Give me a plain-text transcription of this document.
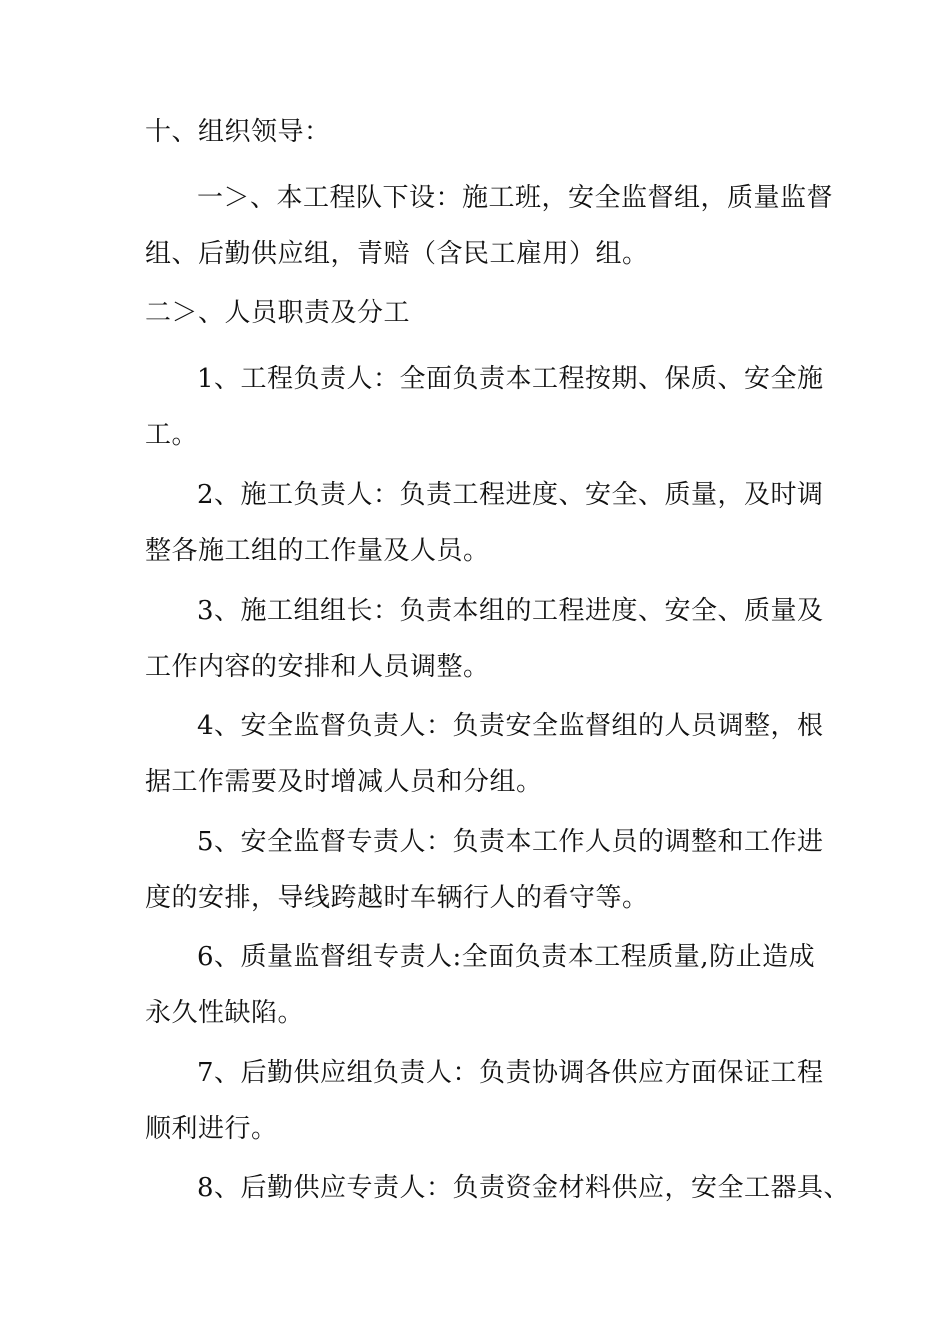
十、组织领导：

一＞、本工程队下设：施工班，安全监督组，质量监督
组、后勤供应组，青赔（含民工雇用）组。

二＞、人员职责及分工

1、工程负责人：全面负责本工程按期、保质、安全施
工。

2、施工负责人：负责工程进度、安全、质量，及时调
整各施工组的工作量及人员。

3、施工组组长：负责本组的工程进度、安全、质量及
工作内容的安排和人员调整。

4、安全监督负责人：负责安全监督组的人员调整，根
据工作需要及时增减人员和分组。

5、安全监督专责人：负责本工作人员的调整和工作进
度的安排，导线跨越时车辆行人的看守等。

6、质量监督组专责人:全面负责本工程质量,防止造成
永久性缺陷。

7、后勤供应组负责人：负责协调各供应方面保证工程
顺利进行。

8、后勤供应专责人：负责资金材料供应，安全工器具、
